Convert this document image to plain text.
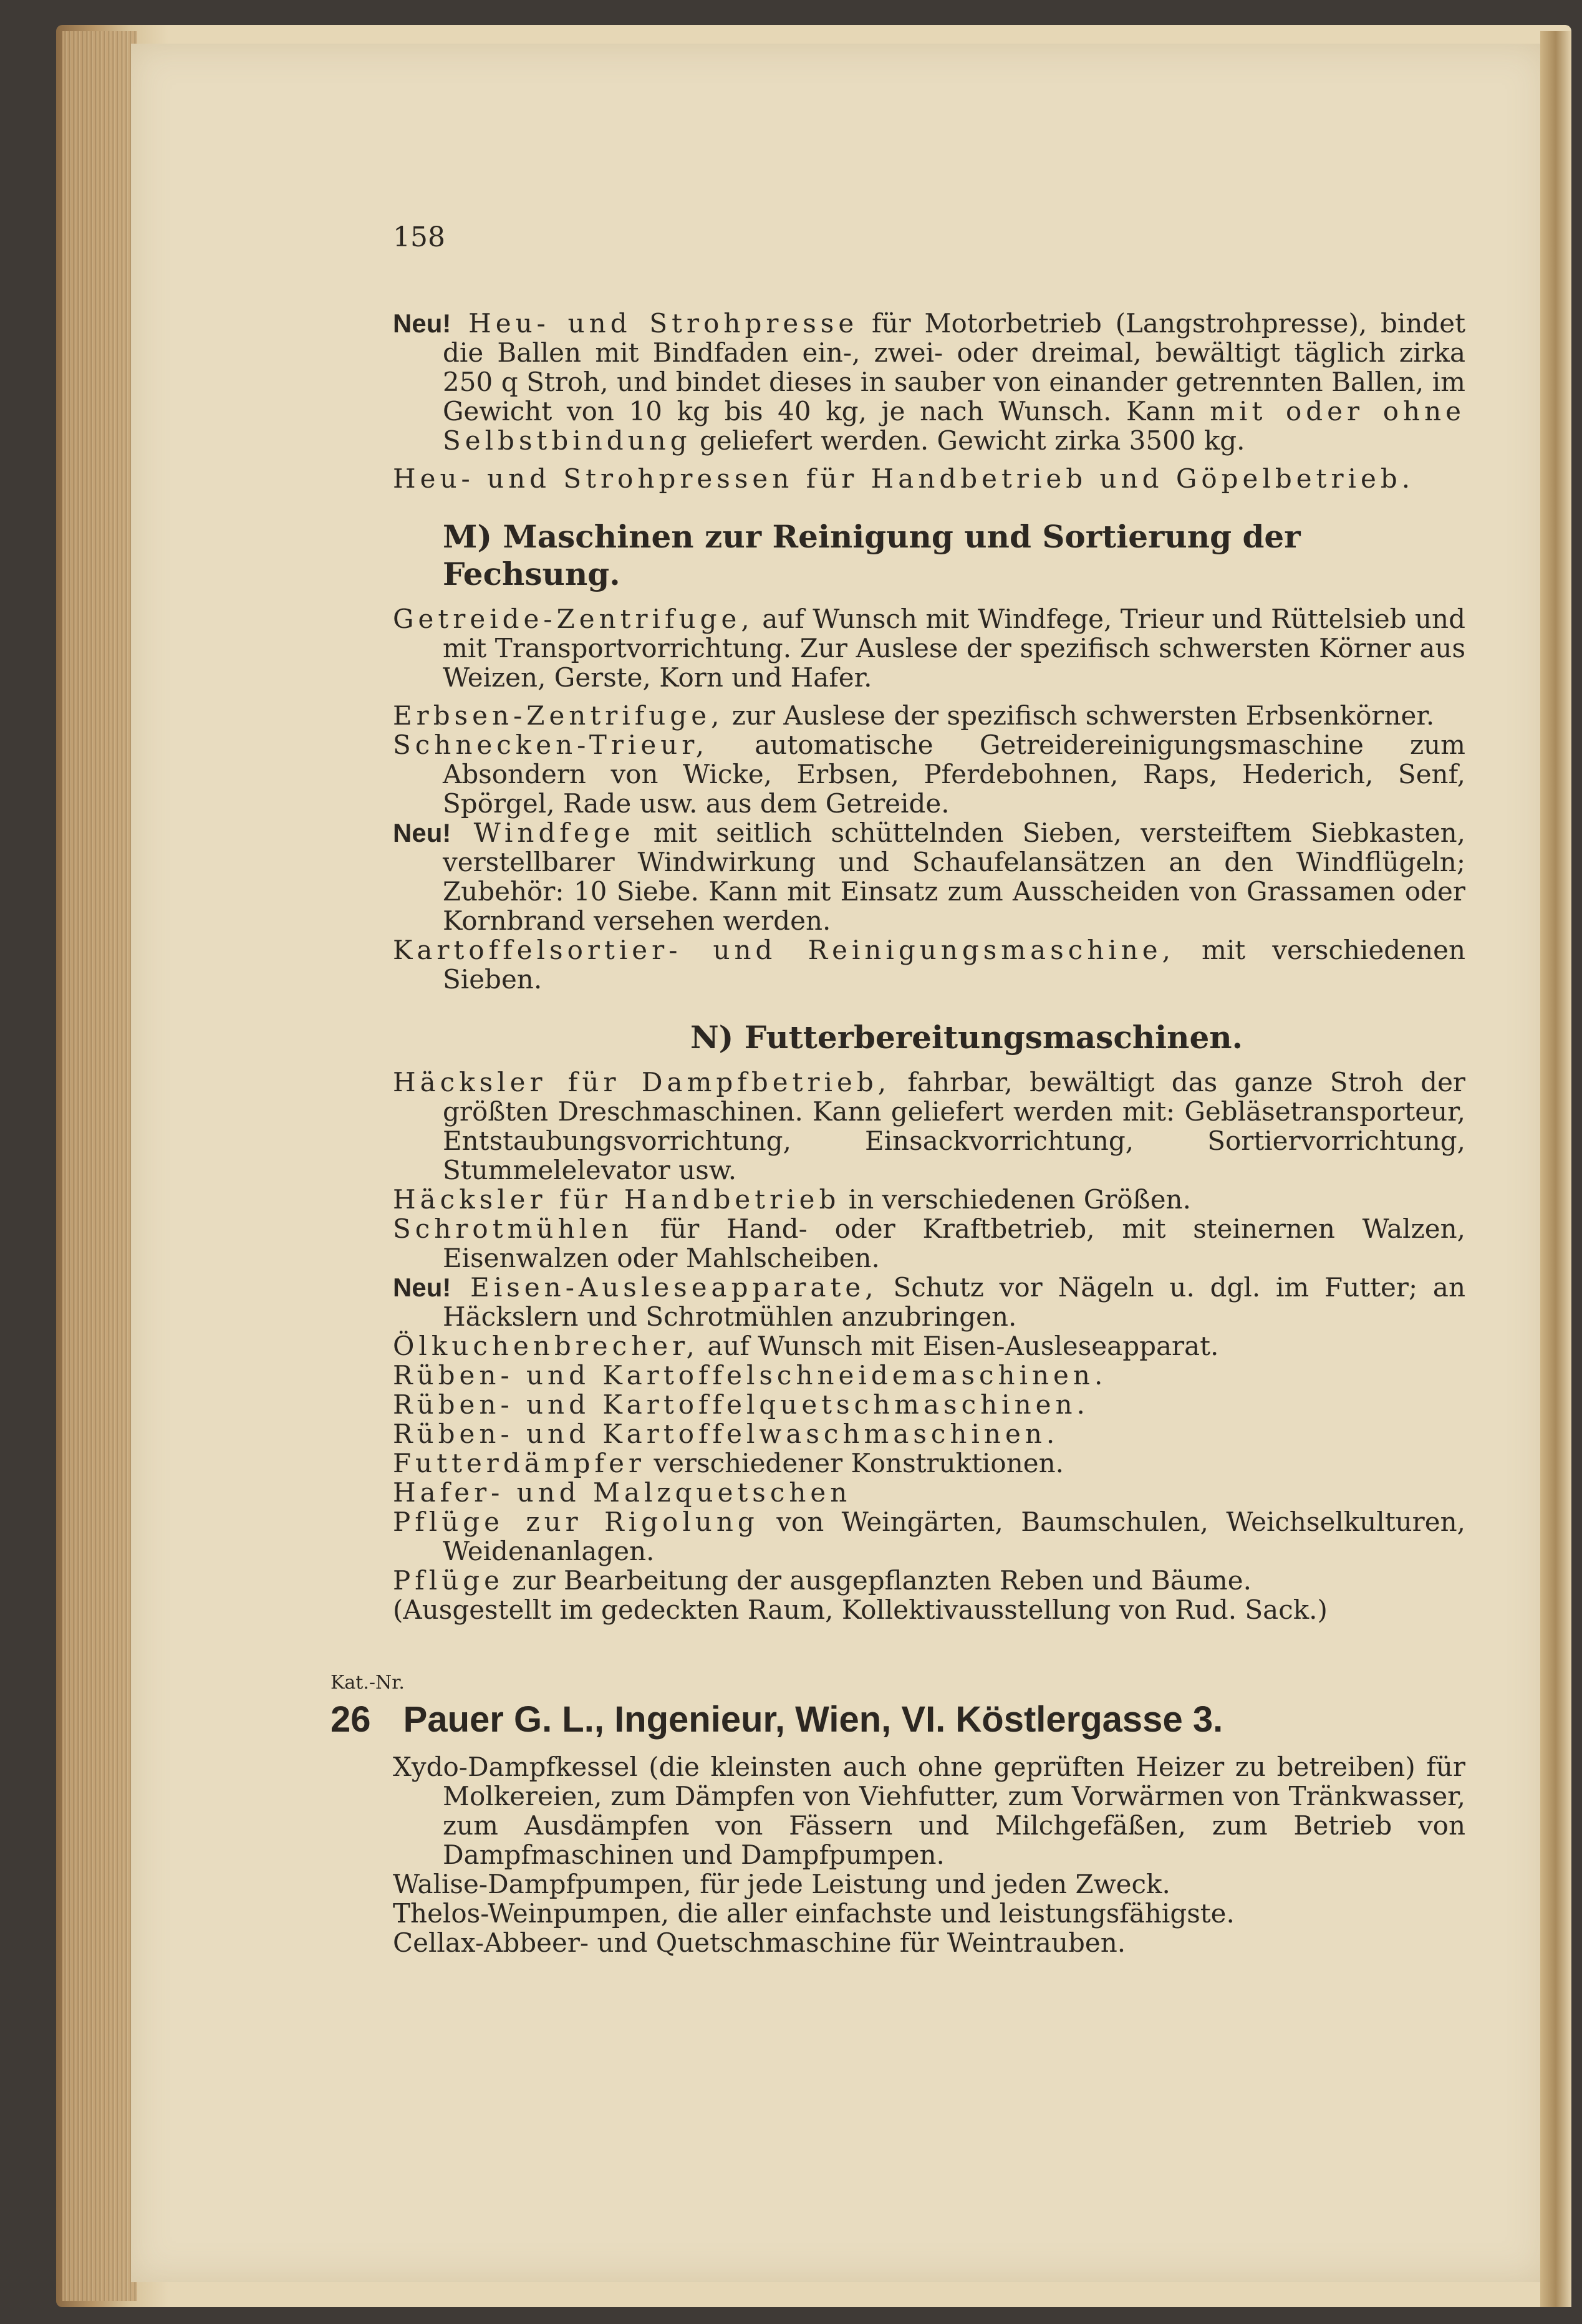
158

Neu! Heu- und Strohpresse für Motorbetrieb (Langstrohpresse), bindet die Ballen mit Bindfaden ein-, zwei- oder dreimal, bewältigt täglich zirka 250 q Stroh, und bindet dieses in sauber von einander getrennten Ballen, im Gewicht von 10 kg bis 40 kg, je nach Wunsch. Kann mit oder ohne Selbstbindung geliefert werden. Gewicht zirka 3500 kg.

Heu- und Strohpressen für Handbetrieb und Göpelbetrieb.

M) Maschinen zur Reinigung und Sortierung der Fechsung.

Getreide-Zentrifuge, auf Wunsch mit Windfege, Trieur und Rüttelsieb und mit Transportvorrichtung. Zur Auslese der spezifisch schwersten Körner aus Weizen, Gerste, Korn und Hafer.

Erbsen-Zentrifuge, zur Auslese der spezifisch schwersten Erbsenkörner.

Schnecken-Trieur, automatische Getreidereinigungsmaschine zum Absondern von Wicke, Erbsen, Pferdebohnen, Raps, Hederich, Senf, Spörgel, Rade usw. aus dem Getreide.

Neu! Windfege mit seitlich schüttelnden Sieben, versteiftem Siebkasten, verstellbarer Windwirkung und Schaufelansätzen an den Windflügeln; Zubehör: 10 Siebe. Kann mit Einsatz zum Ausscheiden von Grassamen oder Kornbrand versehen werden.

Kartoffelsortier- und Reinigungsmaschine, mit verschiedenen Sieben.

N) Futterbereitungsmaschinen.

Häcksler für Dampfbetrieb, fahrbar, bewältigt das ganze Stroh der größten Dreschmaschinen. Kann geliefert werden mit: Gebläsetransporteur, Entstaubungsvorrichtung, Einsackvorrichtung, Sortiervorrichtung, Stummelelevator usw.

Häcksler für Handbetrieb in verschiedenen Größen.

Schrotmühlen für Hand- oder Kraftbetrieb, mit steinernen Walzen, Eisenwalzen oder Mahlscheiben.

Neu! Eisen-Ausleseapparate, Schutz vor Nägeln u. dgl. im Futter; an Häckslern und Schrotmühlen anzubringen.

Ölkuchenbrecher, auf Wunsch mit Eisen-Ausleseapparat.

Rüben- und Kartoffelschneidemaschinen.

Rüben- und Kartoffelquetschmaschinen.

Rüben- und Kartoffelwaschmaschinen.

Futterdämpfer verschiedener Konstruktionen.

Hafer- und Malzquetschen

Pflüge zur Rigolung von Weingärten, Baumschulen, Weichselkulturen, Weidenanlagen.

Pflüge zur Bearbeitung der ausgepflanzten Reben und Bäume.

(Ausgestellt im gedeckten Raum, Kollektivausstellung von Rud. Sack.)

Kat.-Nr.
26 Pauer G. L., Ingenieur, Wien, VI. Köstlergasse 3.

Xydo-Dampfkessel (die kleinsten auch ohne geprüften Heizer zu betreiben) für Molkereien, zum Dämpfen von Viehfutter, zum Vorwärmen von Tränkwasser, zum Ausdämpfen von Fässern und Milchgefäßen, zum Betrieb von Dampfmaschinen und Dampfpumpen.

Walise-Dampfpumpen, für jede Leistung und jeden Zweck.

Thelos-Weinpumpen, die aller einfachste und leistungsfähigste.

Cellax-Abbeer- und Quetschmaschine für Weintrauben.
